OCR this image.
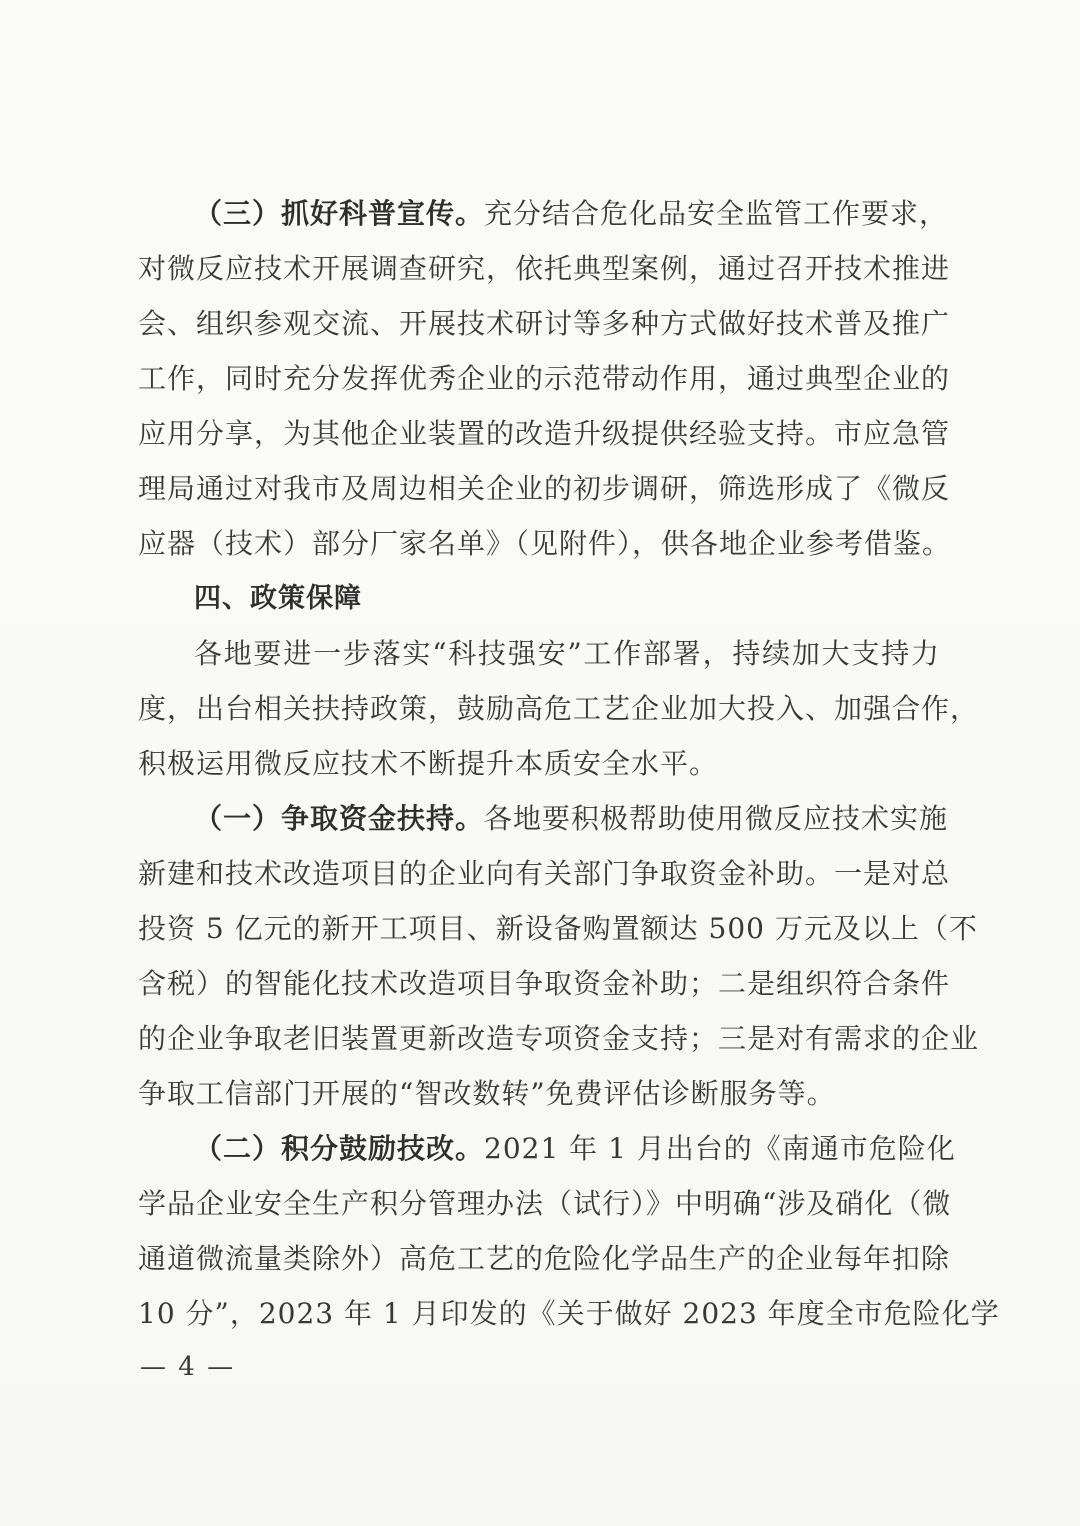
（三）抓好科普宣传。充分结合危化品安全监管工作要求，
对微反应技术开展调查研究，依托典型案例，通过召开技术推进
会、组织参观交流、开展技术研讨等多种方式做好技术普及推广
工作，同时充分发挥优秀企业的示范带动作用，通过典型企业的
应用分享，为其他企业装置的改造升级提供经验支持。市应急管
理局通过对我市及周边相关企业的初步调研，筛选形成了《微反
应器（技术）部分厂家名单》（见附件），供各地企业参考借鉴。
四、政策保障
各地要进一步落实“科技强安”工作部署，持续加大支持力
度，出台相关扶持政策，鼓励高危工艺企业加大投入、加强合作，
积极运用微反应技术不断提升本质安全水平。
（一）争取资金扶持。各地要积极帮助使用微反应技术实施
新建和技术改造项目的企业向有关部门争取资金补助。一是对总
投资 5 亿元的新开工项目、新设备购置额达 500 万元及以上（不
含税）的智能化技术改造项目争取资金补助；二是组织符合条件
的企业争取老旧装置更新改造专项资金支持；三是对有需求的企业
争取工信部门开展的“智改数转”免费评估诊断服务等。
（二）积分鼓励技改。2021 年 1 月出台的《南通市危险化
学品企业安全生产积分管理办法（试行）》中明确“涉及硝化（微
通道微流量类除外）高危工艺的危险化学品生产的企业每年扣除
10 分”，2023 年 1 月印发的《关于做好 2023 年度全市危险化学
— 4 —
